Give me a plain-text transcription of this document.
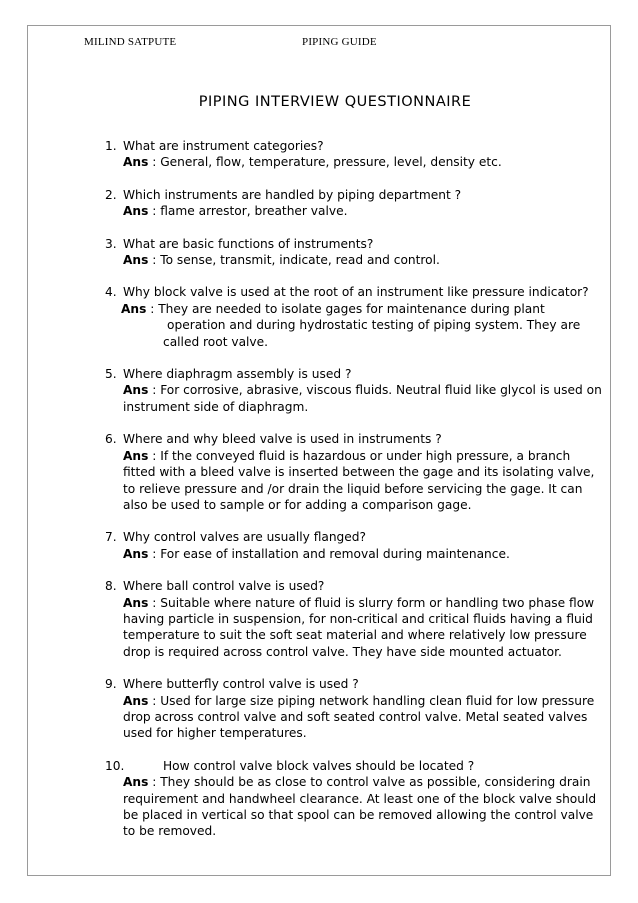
MILIND SATPUTE	PIPING GUIDE
PIPING INTERVIEW QUESTIONNAIRE
1. What are instrument categories?
Ans : General, flow, temperature, pressure, level, density etc.
2. Which instruments are handled by piping department ?
Ans : flame arrestor, breather valve.
3. What are basic functions of instruments?
Ans : To sense, transmit, indicate, read and control.
4. Why block valve is used at the root of an instrument like pressure indicator?
Ans : They are needed to isolate gages for maintenance during plant
operation and during hydrostatic testing of piping system. They are called root valve.
5. Where diaphragm assembly is used ?
Ans : For corrosive, abrasive, viscous fluids. Neutral fluid like glycol is used on instrument side of diaphragm.
6. Where and why bleed valve is used in instruments ?
Ans : If the conveyed fluid is hazardous or under high pressure, a branch fitted with a bleed valve is inserted between the gage and its isolating valve, to relieve pressure and /or drain the liquid before servicing the gage. It can also be used to sample or for adding a comparison gage.
7. Why control valves are usually flanged?
Ans : For ease of installation and removal during maintenance.
8. Where ball control valve is used?
Ans : Suitable where nature of fluid is slurry form or handling two phase flow having particle in suspension, for non-critical and critical fluids having a fluid temperature to suit the soft seat material and where relatively low pressure drop is required across control valve. They have side mounted actuator.
9. Where butterfly control valve is used ?
Ans : Used for large size piping network handling clean fluid for low pressure drop across control valve and soft seated control valve. Metal seated valves used for higher temperatures.
10.	How control valve block valves should be located ?
Ans : They should be as close to control valve as possible, considering drain requirement and handwheel clearance. At least one of the block valve should be placed in vertical so that spool can be removed allowing the control valve to be removed.
